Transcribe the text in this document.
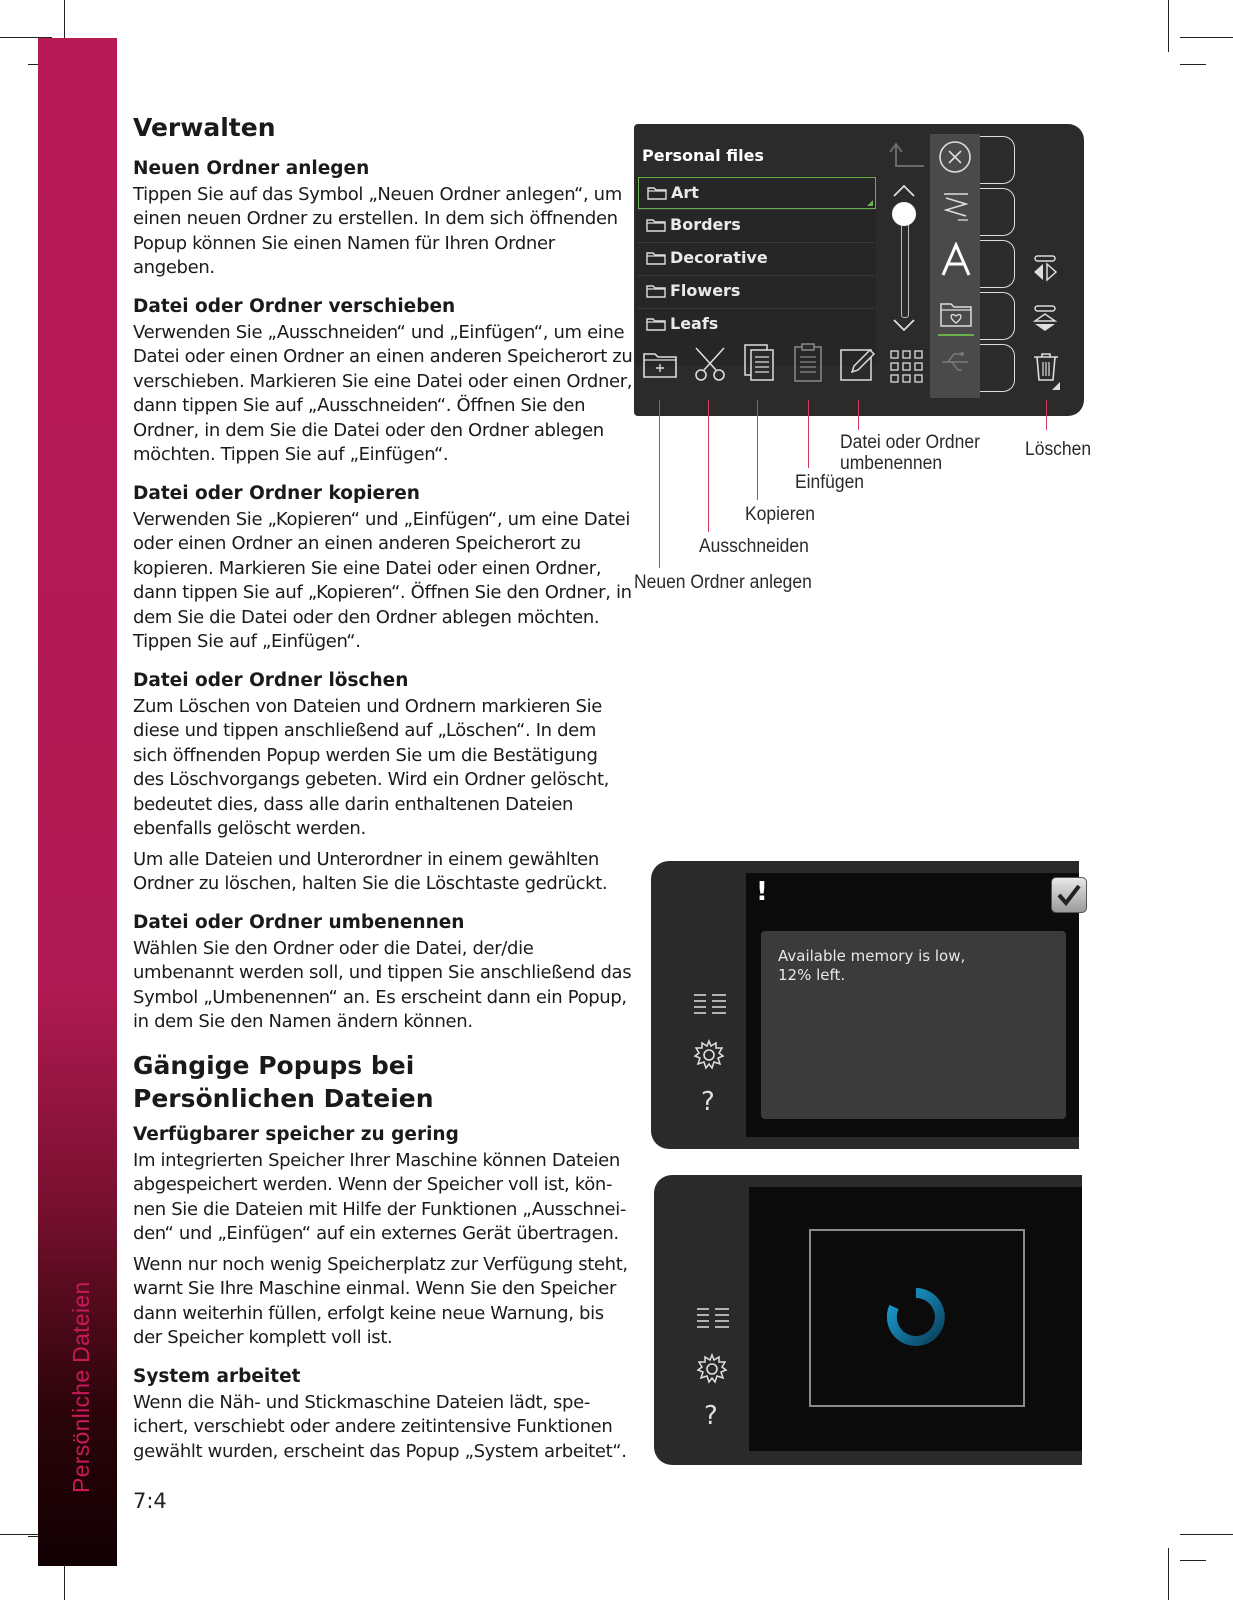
Persönliche Dateien
Verwalten
Neuen Ordner anlegen

Tippen Sie auf das Symbol „Neuen Ordner anlegen“, um einen neuen Ordner zu erstellen. In dem sich öffnenden Popup können Sie einen Namen für Ihren Ordner angeben.

Datei oder Ordner verschieben

Verwenden Sie „Ausschneiden“ und „Einfügen“, um eine Datei oder einen Ordner an einen anderen Speicherort zu verschieben. Markieren Sie eine Datei oder einen Ordner, dann tippen Sie auf „Ausschneiden“. Öffnen Sie den Ordner, in dem Sie die Datei oder den Ordner ablegen möchten. Tippen Sie auf „Einfügen“.

Datei oder Ordner kopieren

Verwenden Sie „Kopieren“ und „Einfügen“, um eine Datei oder einen Ordner an einen anderen Speicherort zu kopieren. Markieren Sie eine Datei oder einen Ordner, dann tippen Sie auf „Kopieren“. Öffnen Sie den Ordner, in dem Sie die Datei oder den Ordner ablegen möchten. Tippen Sie auf „Einfügen“.

Datei oder Ordner löschen

Zum Löschen von Dateien und Ordnern markieren Sie diese und tippen anschließend auf „Löschen“. In dem sich öffnenden Popup werden Sie um die Bestätigung des Löschvorgangs gebeten. Wird ein Ordner gelöscht, bedeutet dies, dass alle darin enthaltenen Dateien ebenfalls gelöscht werden.

Um alle Dateien und Unterordner in einem gewählten Ordner zu löschen, halten Sie die Löschtaste gedrückt.

Datei oder Ordner umbenennen

Wählen Sie den Ordner oder die Datei, der/die umbenannt werden soll, und tippen Sie anschließend das Symbol „Umbenennen“ an. Es erscheint dann ein Popup, in dem Sie den Namen ändern können.

Gängige Popups bei
Persönlichen Dateien
Verfügbarer speicher zu gering

Im integrierten Speicher Ihrer Maschine können Dateien abgespeichert werden. Wenn der Speicher voll ist, können Sie die Dateien mit Hilfe der Funktionen „Ausschneiden“ und „Einfügen“ auf ein externes Gerät übertragen.

Wenn nur noch wenig Speicherplatz zur Verfügung steht, warnt Sie Ihre Maschine einmal. Wenn Sie den Speicher dann weiterhin füllen, erfolgt keine neue Warnung, bis der Speicher komplett voll ist.

System arbeitet

Wenn die Näh- und Stickmaschine Dateien lädt, speichert, verschiebt oder andere zeitintensive Funktionen gewählt wurden, erscheint das Popup „System arbeitet“.

7:4
Personal files
Art
Borders
Decorative
Flowers
Leafs
Neuen Ordner anlegen
Ausschneiden
Kopieren
Einfügen
Datei oder Ordner
umbenennen
Löschen
?
!
Available memory is low,
12% left.
?
